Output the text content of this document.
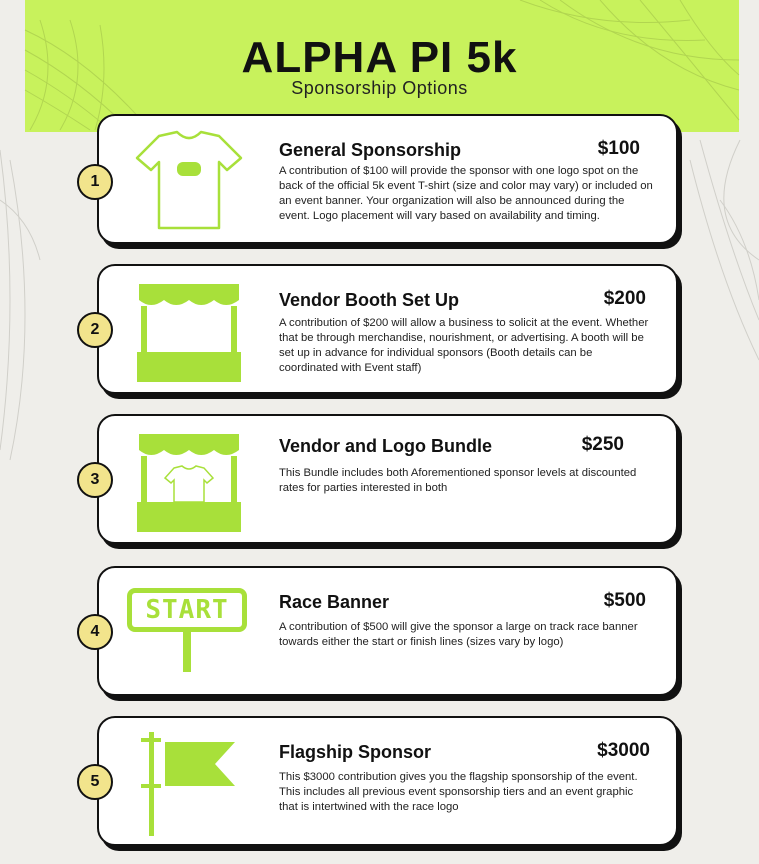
ALPHA PI 5k
Sponsorship Options
General Sponsorship	$100
A contribution of $100 will provide the sponsor with one logo spot on the back of the official 5k event T-shirt (size and color may vary) or included on an event banner. Your organization will also be announced during the event. Logo placement will vary based on availability and timing.
1
Vendor Booth Set Up	$200
A contribution of $200 will allow a business to solicit at the event. Whether that be through merchandise, nourishment, or advertising. A booth will be set up in advance for individual sponsors (Booth details can be coordinated with Event staff)
2
Vendor and Logo Bundle	$250
This Bundle includes both Aforementioned sponsor levels at discounted rates for parties interested in both
3
START	Race Banner	$500
A contribution of $500 will give the sponsor a large on track race banner towards either the start or finish lines (sizes vary by logo)
4
Flagship Sponsor	$3000
This $3000 contribution gives you the flagship sponsorship of the event. This includes all previous event sponsorship tiers and an event graphic that is intertwined with the race logo
5
